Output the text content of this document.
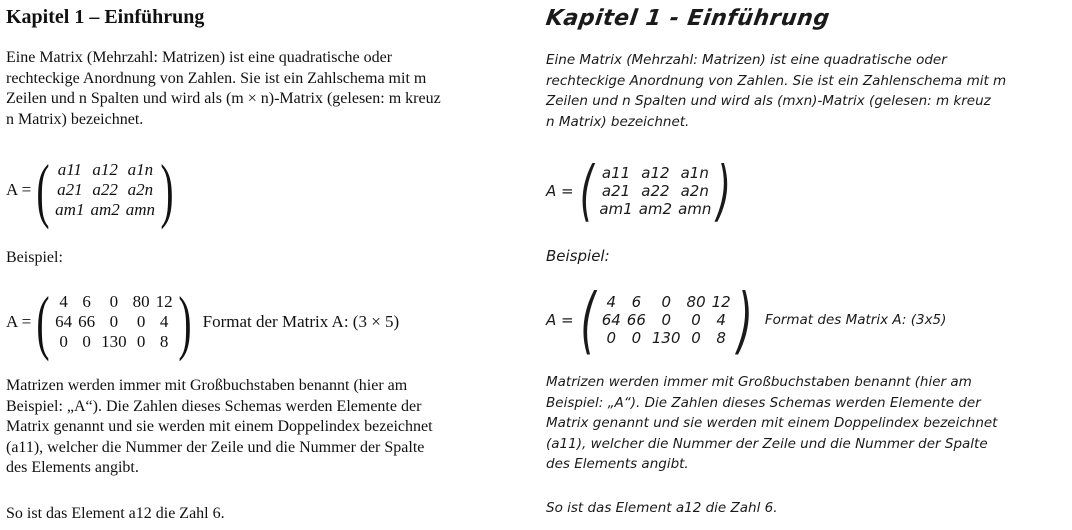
Kapitel 1 – Einführung
Eine Matrix (Mehrzahl: Matrizen) ist eine quadratische oder
rechteckige Anordnung von Zahlen. Sie ist ein Zahlschema mit m
Zeilen und n Spalten und wird als (m × n)-Matrix (gelesen: m kreuz
n Matrix) bezeichnet.
A = ( a11 a12 a1n
a21 a22 a2n
am1 am2 amn )
Beispiel:
A = ( 4 6	0 80 12
64 66 0	0 4
0 0 130 0 8 ) Format der Matrix A: (3 × 5)
Matrizen werden immer mit Großbuchstaben benannt (hier am
Beispiel: „A“). Die Zahlen dieses Schemas werden Elemente der
Matrix genannt und sie werden mit einem Doppelindex bezeichnet
(a11), welcher die Nummer der Zeile und die Nummer der Spalte
des Elements angibt.
So ist das Element a12 die Zahl 6.
Kapitel 1 - Einführung
Eine Matrix (Mehrzahl: Matrizen) ist eine quadratische oder
rechteckige Anordnung von Zahlen. Sie ist ein Zahlenschema mit m
Zeilen und n Spalten und wird als (mxn)-Matrix (gelesen: m kreuz
n Matrix) bezeichnet.
A = ( a11 a12 a1n
a21 a22 a2n
am1 am2 amn )
Beispiel:
A = ( 4	6	0	80 12
64 66	0	0	4
0	0 130 0	8 ) Format des Matrix A: (3x5)
Matrizen werden immer mit Großbuchstaben benannt (hier am
Beispiel: „A“). Die Zahlen dieses Schemas werden Elemente der
Matrix genannt und sie werden mit einem Doppelindex bezeichnet
(a11), welcher die Nummer der Zeile und die Nummer der Spalte
des Elements angibt.
So ist das Element a12 die Zahl 6.
